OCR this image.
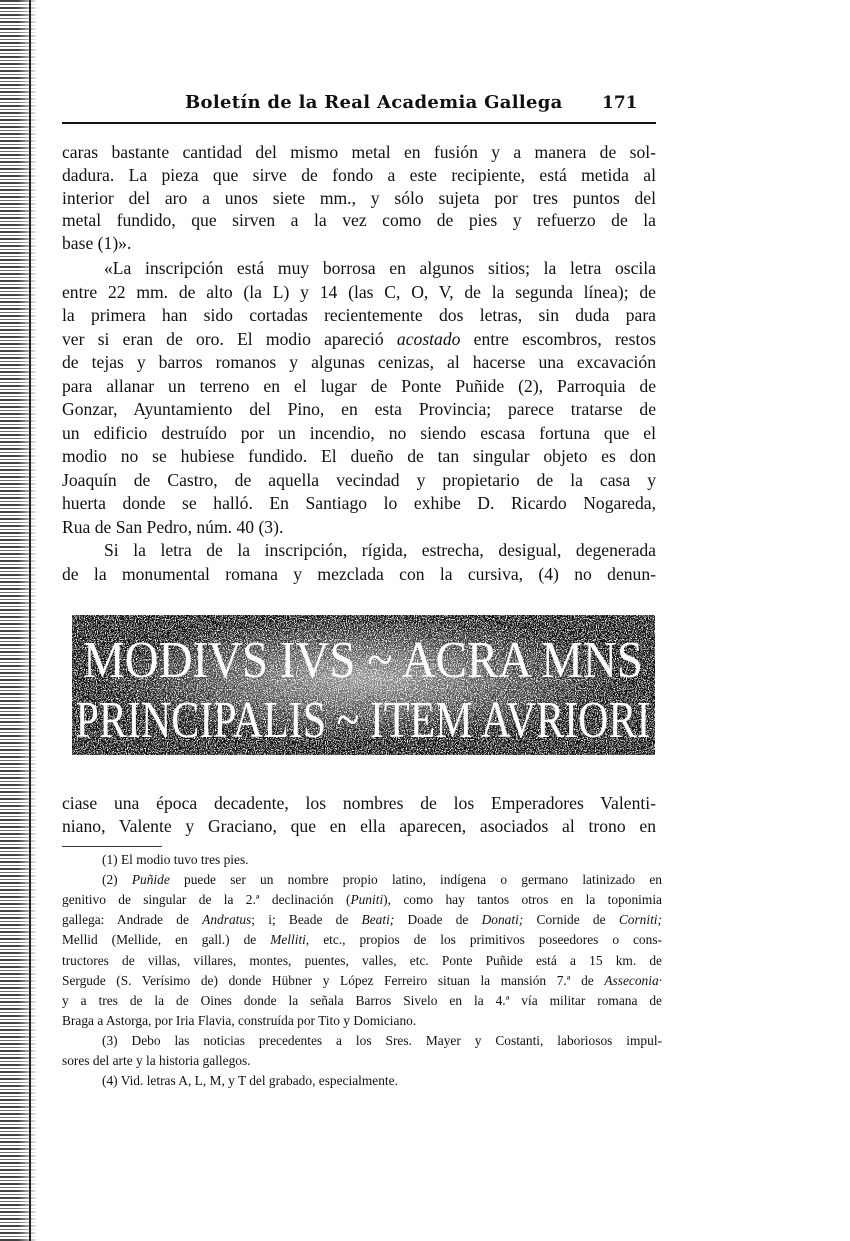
Boletín de la Real Academia Gallega 171
caras bastante cantidad del mismo metal en fusión y a manera de sol-
dadura. La pieza que sirve de fondo a este recipiente, está metida al
interior del aro a unos siete mm., y sólo sujeta por tres puntos del
metal fundido, que sirven a la vez como de pies y refuerzo de la
base (1)».
«La inscripción está muy borrosa en algunos sitios; la letra oscila
entre 22 mm. de alto (la L) y 14 (las C, O, V, de la segunda línea); de
la primera han sido cortadas recientemente dos letras, sin duda para
ver si eran de oro. El modio apareció acostado entre escombros, restos
de tejas y barros romanos y algunas cenizas, al hacerse una excavación
para allanar un terreno en el lugar de Ponte Puñide (2), Parroquia de
Gonzar, Ayuntamiento del Pino, en esta Provincia; parece tratarse de
un edificio destruído por un incendio, no siendo escasa fortuna que el
modio no se hubiese fundido. El dueño de tan singular objeto es don
Joaquín de Castro, de aquella vecindad y propietario de la casa y
huerta donde se halló. En Santiago lo exhibe D. Ricardo Nogareda,
Rua de San Pedro, núm. 40 (3).
Si la letra de la inscripción, rígida, estrecha, desigual, degenerada
de la monumental romana y mezclada con la cursiva, (4) no denun-
MODIVS IVS ~ ACRA MNS
PRINCIPALIS ~ ITEM AVRIORI
ciase una época decadente, los nombres de los Emperadores Valenti-
niano, Valente y Graciano, que en ella aparecen, asociados al trono en
(1) El modio tuvo tres pies.
(2) Puñide puede ser un nombre propio latino, indígena o germano latinizado en
genitivo de singular de la 2.ª declinación (Puniti), como hay tantos otros en la toponimia
gallega: Andrade de Andratus; i; Beade de Beati; Doade de Donati; Cornide de Corniti;
Mellid (Mellide, en gall.) de Melliti, etc., propios de los primitivos poseedores o cons-
tructores de villas, villares, montes, puentes, valles, etc. Ponte Puñide está a 15 km. de
Sergude (S. Verísimo de) donde Hübner y López Ferreiro situan la mansión 7.ª de Asseconia·
y a tres de la de Oines donde la señala Barros Sivelo en la 4.ª vía militar romana de
Braga a Astorga, por Iria Flavia, construída por Tito y Domiciano.
(3) Debo las noticias precedentes a los Sres. Mayer y Costanti, laboriosos impul-
sores del arte y la historia gallegos.
(4) Vid. letras A, L, M, y T del grabado, especialmente.
